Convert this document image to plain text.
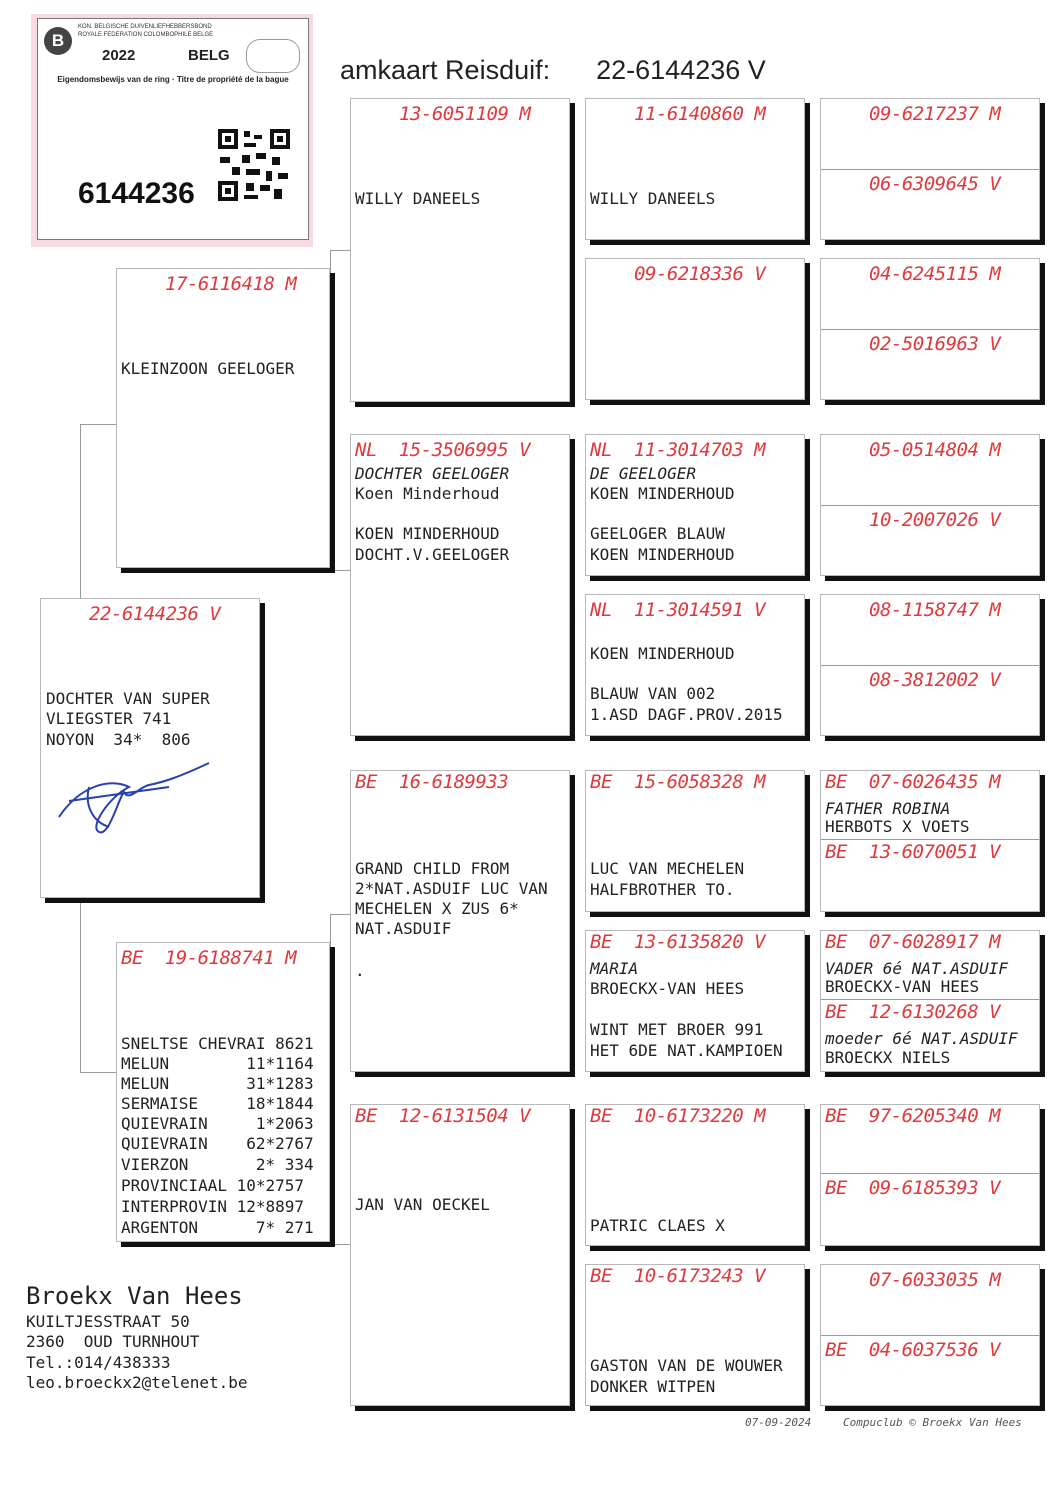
amkaart Reisduif: 22-6144236 V

B
KON. BELGISCHE DUIVENLIEFHEBBERSBOND
ROYALE FEDERATION COLOMBOPHILE BELGE
2022	BELG
Eigendomsbewijs van de ring · Titre de propriété de la bague
6144236
22-6144236 V
DOCHTER VAN SUPER
VLIEGSTER 741
NOYON  34*  806
17-6116418 M
KLEINZOON GEELOGER
BE  19-6188741 M
SNELTSE CHEVRAI 8621
MELUN        11*1164
MELUN        31*1283
SERMAISE     18*1844
QUIEVRAIN     1*2063
QUIEVRAIN    62*2767
VIERZON       2* 334
PROVINCIAAL 10*2757
INTERPROVIN 12*8897
ARGENTON      7* 271
13-6051109 M
WILLY DANEELS
NL  15-3506995 V
DOCHTER GEELOGER
Koen Minderhoud
KOEN MINDERHOUD
DOCHT.V.GEELOGER
BE  16-6189933
GRAND CHILD FROM
2*NAT.ASDUIF LUC VAN
MECHELEN X ZUS 6*
NAT.ASDUIF
.
BE  12-6131504 V
JAN VAN OECKEL
11-6140860 M
WILLY DANEELS
09-6218336 V
NL  11-3014703 M
DE GEELOGER
KOEN MINDERHOUD
GEELOGER BLAUW
KOEN MINDERHOUD
NL  11-3014591 V
KOEN MINDERHOUD
BLAUW VAN 002
1.ASD DAGF.PROV.2015
BE  15-6058328 M
LUC VAN MECHELEN
HALFBROTHER TO.
BE  13-6135820 V
MARIA
BROECKX-VAN HEES
WINT MET BROER 991
HET 6DE NAT.KAMPIOEN
BE  10-6173220 M
PATRIC CLAES X
BE  10-6173243 V
GASTON VAN DE WOUWER
DONKER WITPEN
09-6217237 M
06-6309645 V
04-6245115 M
02-5016963 V
05-0514804 M
10-2007026 V
08-1158747 M
08-3812002 V
BE  07-6026435 M
FATHER ROBINA
HERBOTS X VOETS
BE  13-6070051 V
BE  07-6028917 M
VADER 6é NAT.ASDUIF
BROECKX-VAN HEES
BE  12-6130268 V
moeder 6é NAT.ASDUIF
BROECKX NIELS
BE  97-6205340 M
BE  09-6185393 V
07-6033035 M
BE  04-6037536 V
Broekx Van Hees
KUILTJESSTRAAT 50
2360  OUD TURNHOUT
Tel.:014/438333
leo.broeckx2@telenet.be
07-09-2024	Compuclub © Broekx Van Hees
